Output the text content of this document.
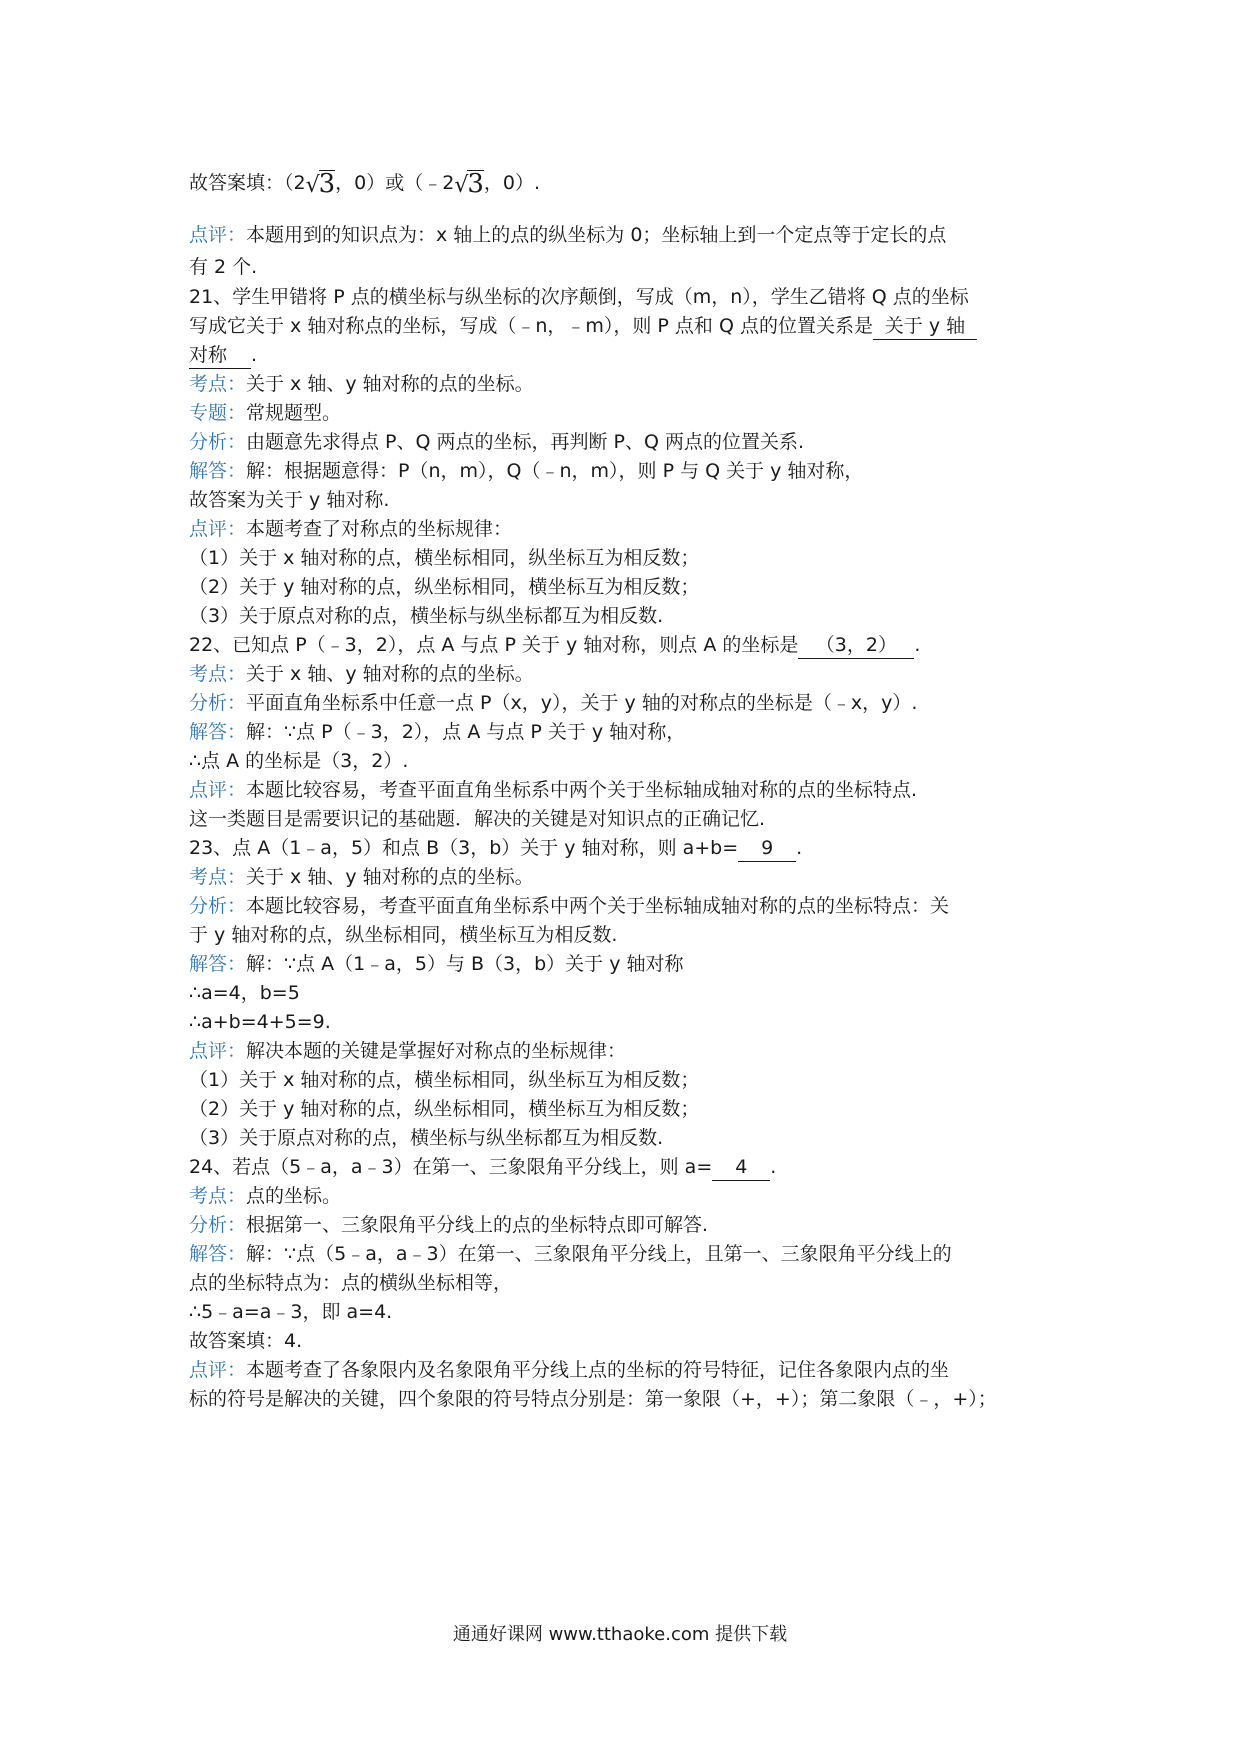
故答案填：（2 √
3，0）或（﹣2 √
3，0）.
点评：本题用到的知识点为：x 轴上的点的纵坐标为 0；坐标轴上到一个定点等于定长的点
有 2 个.
21、学生甲错将 P 点的横坐标与纵坐标的次序颠倒，写成（m，n），学生乙错将 Q 点的坐标
写成它关于 x 轴对称点的坐标，写成（﹣n，﹣m），则 P 点和 Q 点的位置关系是 关于 y 轴
对称 .
考点：关于 x 轴、y 轴对称的点的坐标。
专题：常规题型。
分析：由题意先求得点 P、Q 两点的坐标，再判断 P、Q 两点的位置关系.
解答：解：根据题意得：P（n，m），Q（﹣n，m），则 P 与 Q 关于 y 轴对称，
故答案为关于 y 轴对称.
点评：本题考查了对称点的坐标规律：
（1）关于 x 轴对称的点，横坐标相同，纵坐标互为相反数；
（2）关于 y 轴对称的点，纵坐标相同，横坐标互为相反数；
（3）关于原点对称的点，横坐标与纵坐标都互为相反数.
22、已知点 P（﹣3，2），点 A 与点 P 关于 y 轴对称，则点 A 的坐标是 （3，2） .
考点：关于 x 轴、y 轴对称的点的坐标。
分析：平面直角坐标系中任意一点 P（x，y），关于 y 轴的对称点的坐标是（﹣x，y）.
解答：解：∵点 P（﹣3，2），点 A 与点 P 关于 y 轴对称，
∴点 A 的坐标是（3，2）.
点评：本题比较容易，考查平面直角坐标系中两个关于坐标轴成轴对称的点的坐标特点.
这一类题目是需要识记的基础题．解决的关键是对知识点的正确记忆.
23、点 A（1﹣a，5）和点 B（3，b）关于 y 轴对称，则 a+b= 9 .
考点：关于 x 轴、y 轴对称的点的坐标。
分析：本题比较容易，考查平面直角坐标系中两个关于坐标轴成轴对称的点的坐标特点：关
于 y 轴对称的点，纵坐标相同，横坐标互为相反数.
解答：解：∵点 A（1﹣a，5）与 B（3，b）关于 y 轴对称
∴a=4，b=5
∴a+b=4+5=9.
点评：解决本题的关键是掌握好对称点的坐标规律：
（1）关于 x 轴对称的点，横坐标相同，纵坐标互为相反数；
（2）关于 y 轴对称的点，纵坐标相同，横坐标互为相反数；
（3）关于原点对称的点，横坐标与纵坐标都互为相反数.
24、若点（5﹣a，a﹣3）在第一、三象限角平分线上，则 a= 4 .
考点：点的坐标。
分析：根据第一、三象限角平分线上的点的坐标特点即可解答.
解答：解：∵点（5﹣a，a﹣3）在第一、三象限角平分线上，且第一、三象限角平分线上的
点的坐标特点为：点的横纵坐标相等，
∴5﹣a=a﹣3，即 a=4.
故答案填：4.
点评：本题考查了各象限内及名象限角平分线上点的坐标的符号特征，记住各象限内点的坐
标的符号是解决的关键，四个象限的符号特点分别是：第一象限（+，+）；第二象限（﹣，+）；
通通好课网 www.tthaoke.com 提供下载
